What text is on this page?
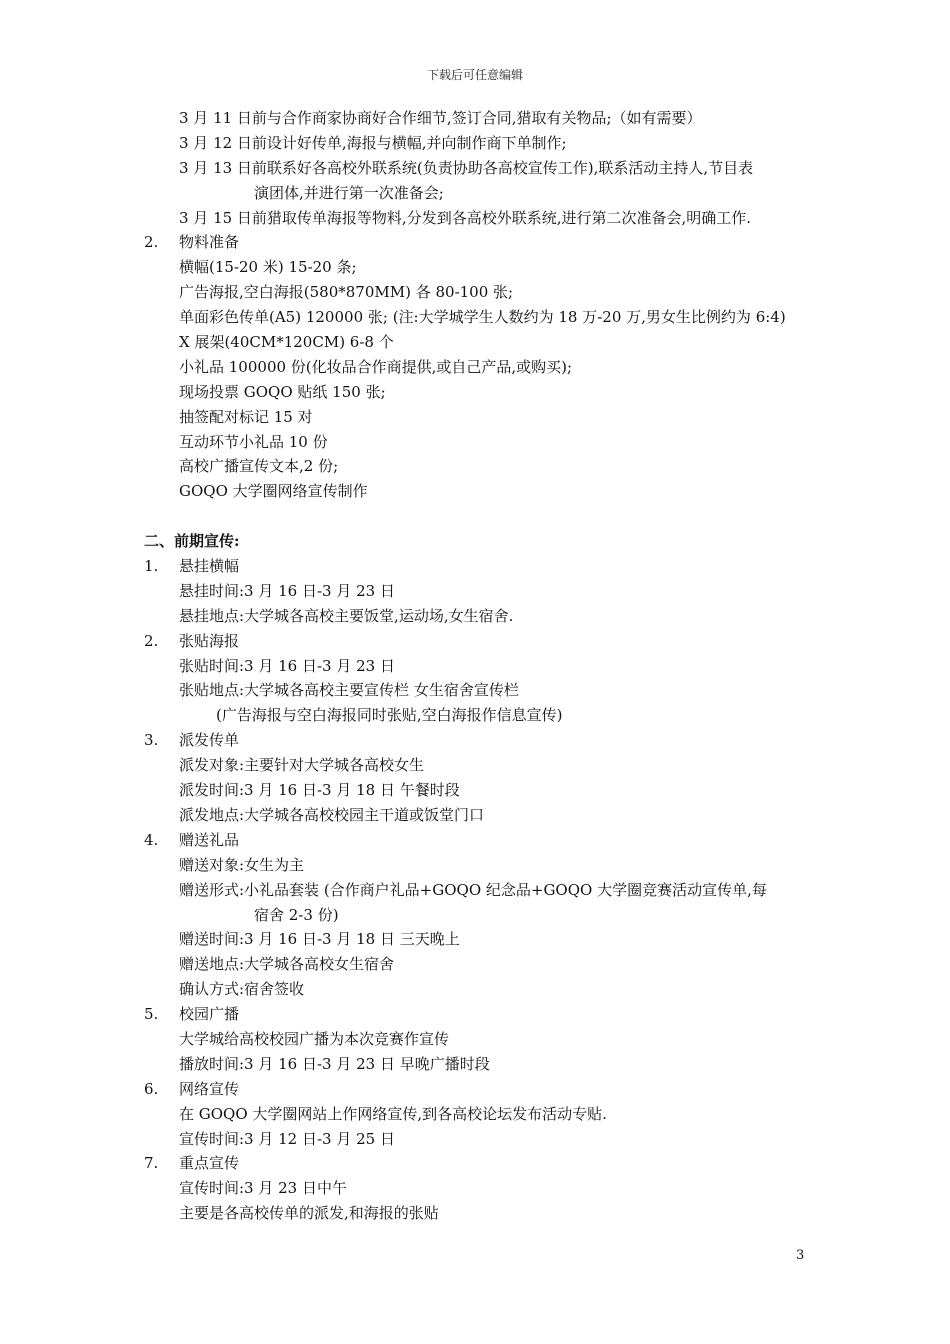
下载后可任意编辑
3 月 11 日前与合作商家协商好合作细节,签订合同,猎取有关物品;（如有需要）
3 月 12 日前设计好传单,海报与横幅,并向制作商下单制作;
3 月 13 日前联系好各高校外联系统(负责协助各高校宣传工作),联系活动主持人,节目表
演团体,并进行第一次准备会;
3 月 15 日前猎取传单海报等物料,分发到各高校外联系统,进行第二次准备会,明确工作.
2. 物料准备
横幅(15-20 米) 15-20 条;
广告海报,空白海报(580*870MM) 各 80-100 张;
单面彩色传单(A5) 120000 张; (注:大学城学生人数约为 18 万-20 万,男女生比例约为 6:4)
X 展架(40CM*120CM) 6-8 个
小礼品 100000 份(化妆品合作商提供,或自己产品,或购买);
现场投票 GOQO 贴纸 150 张;
抽签配对标记 15 对
互动环节小礼品 10 份
高校广播宣传文本,2 份;
GOQO 大学圈网络宣传制作
二、前期宣传:
1. 悬挂横幅
悬挂时间:3 月 16 日-3 月 23 日
悬挂地点:大学城各高校主要饭堂,运动场,女生宿舍.
2. 张贴海报
张贴时间:3 月 16 日-3 月 23 日
张贴地点:大学城各高校主要宣传栏 女生宿舍宣传栏
(广告海报与空白海报同时张贴,空白海报作信息宣传)
3. 派发传单
派发对象:主要针对大学城各高校女生
派发时间:3 月 16 日-3 月 18 日 午餐时段
派发地点:大学城各高校校园主干道或饭堂门口
4. 赠送礼品
赠送对象:女生为主
赠送形式:小礼品套装 (合作商户礼品+GOQO 纪念品+GOQO 大学圈竞赛活动宣传单,每
宿舍 2-3 份)
赠送时间:3 月 16 日-3 月 18 日 三天晚上
赠送地点:大学城各高校女生宿舍
确认方式:宿舍签收
5. 校园广播
大学城给高校校园广播为本次竞赛作宣传
播放时间:3 月 16 日-3 月 23 日 早晚广播时段
6. 网络宣传
在 GOQO 大学圈网站上作网络宣传,到各高校论坛发布活动专贴.
宣传时间:3 月 12 日-3 月 25 日
7. 重点宣传
宣传时间:3 月 23 日中午
主要是各高校传单的派发,和海报的张贴
3
